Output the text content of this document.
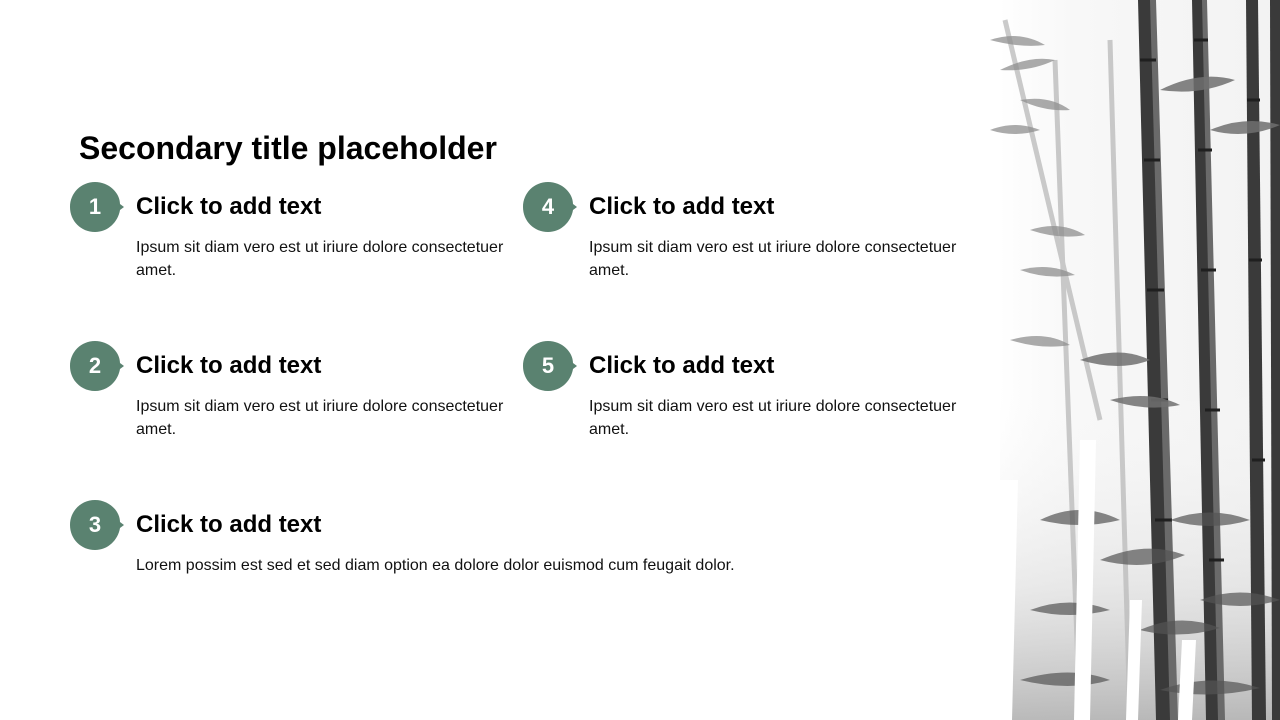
Secondary title placeholder
1	Click to add text
Ipsum sit diam vero est ut iriure dolore consectetuer amet.
2	Click to add text
Ipsum sit diam vero est ut iriure dolore consectetuer amet.
3	Click to add text
Lorem possim est sed et sed diam option ea dolore dolor euismod cum feugait dolor.
4	Click to add text
Ipsum sit diam vero est ut iriure dolore consectetuer amet.
5	Click to add text
Ipsum sit diam vero est ut iriure dolore consectetuer amet.
